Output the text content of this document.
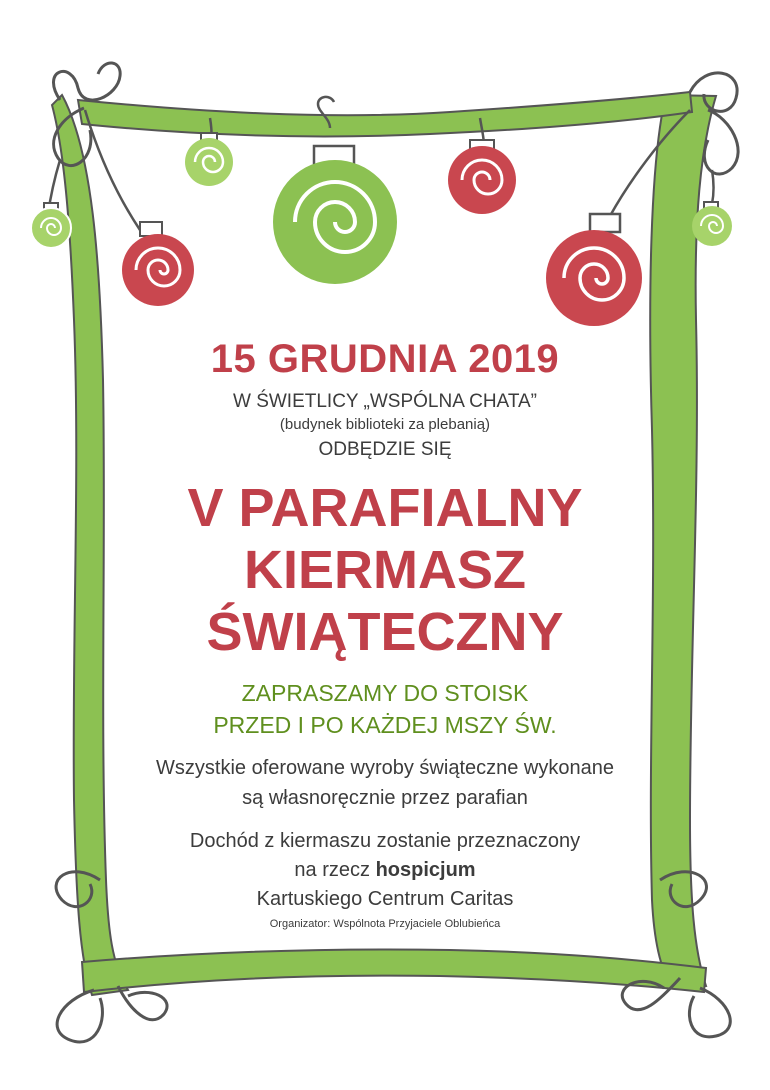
15 GRUDNIA 2019
W ŚWIETLICY „WSPÓLNA CHATA”
(budynek biblioteki za plebanią)
ODBĘDZIE SIĘ
V PARAFIALNY
KIERMASZ
ŚWIĄTECZNY
ZAPRASZAMY DO STOISK
PRZED I PO KAŻDEJ MSZY ŚW.
Wszystkie oferowane wyroby świąteczne wykonane
są własnoręcznie przez parafian
Dochód z kiermaszu zostanie przeznaczony
na rzecz hospicjum
Kartuskiego Centrum Caritas
Organizator: Wspólnota Przyjaciele Oblubieńca
